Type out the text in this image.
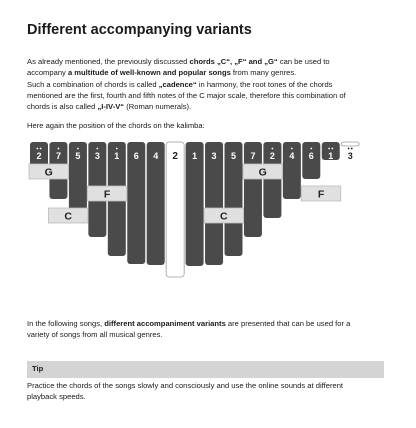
Different accompanying variants
As already mentioned, the previously discussed chords „C“, „F“ and „G“ can be used to
accompany a multitude of well-known and popular songs from many genres.
Such a combination of chords is called „cadence“ in harmony, the root tones of the chords
mentioned are the first, fourth and fifth notes of the C major scale, therefore this combination of
chords is also called „I-IV-V“ (Roman numerals).
Here again the position of the chords on the kalimba:
2 7 5 3 1 6 4 2 1 3 5 7 2 4 6 1 3
G
F
C	C
G
F
In the following songs, different accompaniment variants are presented that can be used for a
variety of songs from all musical genres.
Tip
Practice the chords of the songs slowly and consciously and use the online sounds at different
playback speeds.
